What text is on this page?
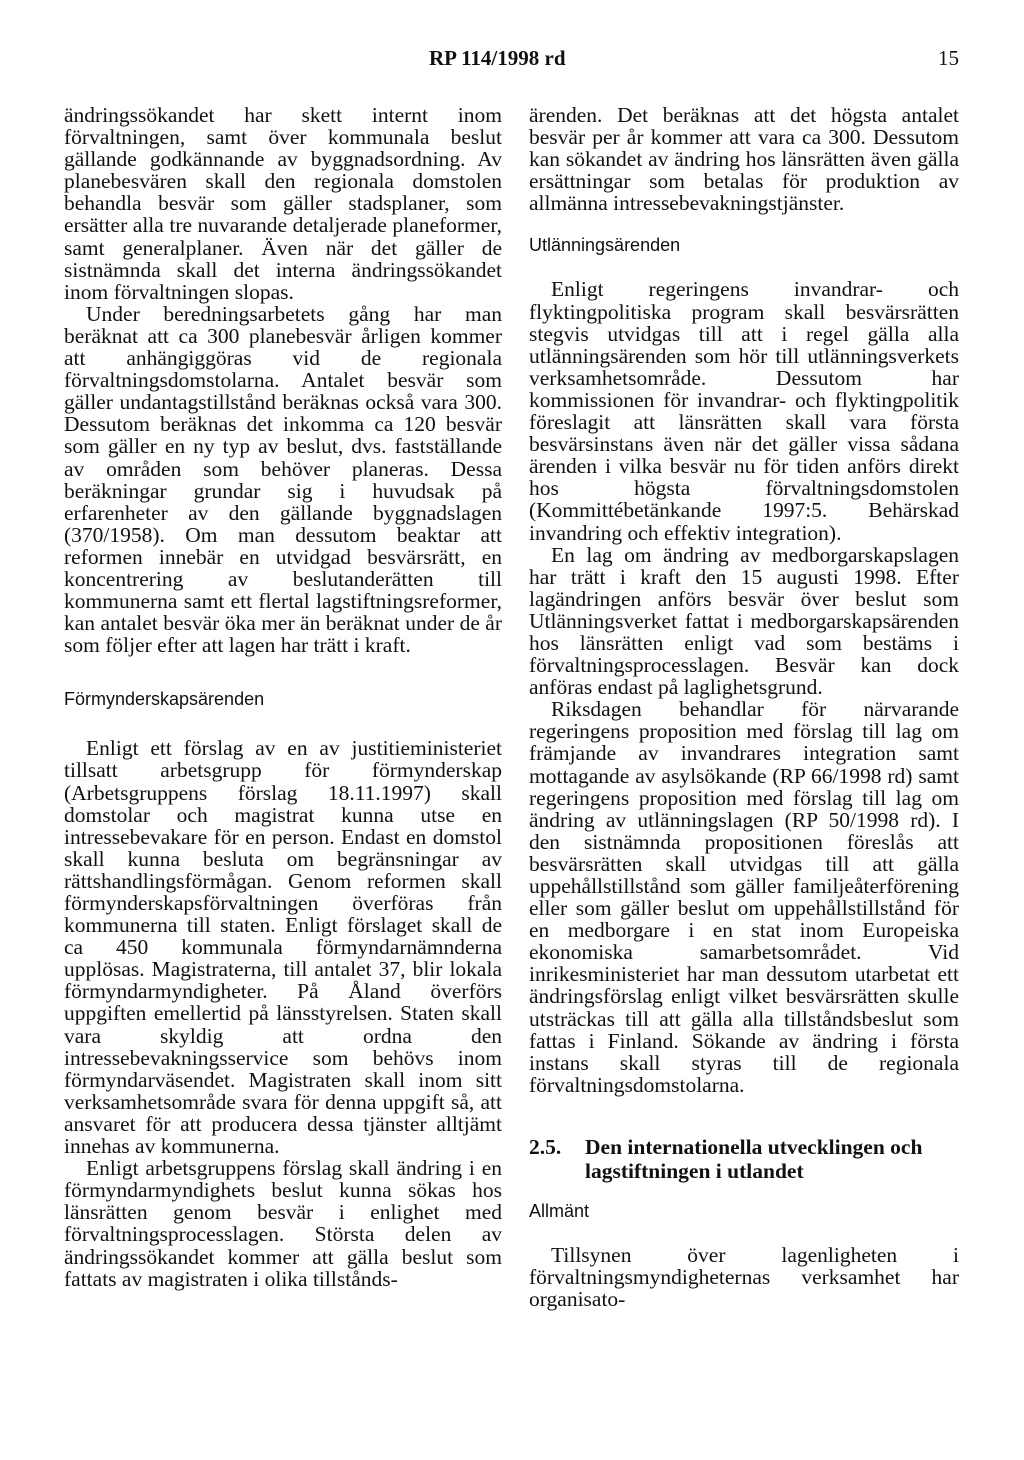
RP 114/1998 rd	15

ändringssökandet har skett internt inom förvaltningen, samt över kommunala beslut gällande godkännande av byggnadsordning. Av planebesvären skall den regionala domstolen behandla besvär som gäller stadsplaner, som ersätter alla tre nuvarande detaljerade planeformer, samt generalplaner. Även när det gäller de sistnämnda skall det interna ändringssökandet inom förvaltningen slopas.

Under beredningsarbetets gång har man beräknat att ca 300 planebesvär årligen kommer att anhängiggöras vid de regionala förvaltningsdomstolarna. Antalet besvär som gäller undantagstillstånd beräknas också vara 300. Dessutom beräknas det inkomma ca 120 besvär som gäller en ny typ av beslut, dvs. fastställande av områden som behöver planeras. Dessa beräkningar grundar sig i huvudsak på erfarenheter av den gällande byggnadslagen (370/1958). Om man dessutom beaktar att reformen innebär en utvidgad besvärsrätt, en koncentrering av beslutanderätten till kommunerna samt ett flertal lagstiftningsreformer, kan antalet besvär öka mer än beräknat under de år som följer efter att lagen har trätt i kraft.

Förmynderskapsärenden

Enligt ett förslag av en av justitieministeriet tillsatt arbetsgrupp för förmynderskap (Arbetsgruppens förslag 18.11.1997) skall domstolar och magistrat kunna utse en intressebevakare för en person. Endast en domstol skall kunna besluta om begränsningar av rättshandlingsförmågan. Genom reformen skall förmynderskapsförvaltningen överföras från kommunerna till staten. Enligt förslaget skall de ca 450 kommunala förmyndarnämnderna upplösas. Magistraterna, till antalet 37, blir lokala förmyndarmyndigheter. På Åland överförs uppgiften emellertid på länsstyrelsen. Staten skall vara skyldig att ordna den intressebevakningsservice som behövs inom förmyndarväsendet. Magistraten skall inom sitt verksamhetsområde svara för denna uppgift så, att ansvaret för att producera dessa tjänster alltjämt innehas av kommunerna.

Enligt arbetsgruppens förslag skall ändring i en förmyndarmyndighets beslut kunna sökas hos länsrätten genom besvär i enlighet med förvaltningsprocesslagen. Största delen av ändringssökandet kommer att gälla beslut som fattats av magistraten i olika tillstånds-

ärenden. Det beräknas att det högsta antalet besvär per år kommer att vara ca 300. Dessutom kan sökandet av ändring hos länsrätten även gälla ersättningar som betalas för produktion av allmänna intressebevakningstjänster.

Utlänningsärenden

Enligt regeringens invandrar- och flyktingpolitiska program skall besvärsrätten stegvis utvidgas till att i regel gälla alla utlänningsärenden som hör till utlänningsverkets verksamhetsområde. Dessutom har kommissionen för invandrar- och flyktingpolitik föreslagit att länsrätten skall vara första besvärsinstans även när det gäller vissa sådana ärenden i vilka besvär nu för tiden anförs direkt hos högsta förvaltningsdomstolen (Kommittébetänkande 1997:5. Behärskad invandring och effektiv integration).

En lag om ändring av medborgarskapslagen har trätt i kraft den 15 augusti 1998. Efter lagändringen anförs besvär över beslut som Utlänningsverket fattat i medborgarskapsärenden hos länsrätten enligt vad som bestäms i förvaltningsprocesslagen. Besvär kan dock anföras endast på laglighetsgrund.

Riksdagen behandlar för närvarande regeringens proposition med förslag till lag om främjande av invandrares integration samt mottagande av asylsökande (RP 66/1998 rd) samt regeringens proposition med förslag till lag om ändring av utlänningslagen (RP 50/1998 rd). I den sistnämnda propositionen föreslås att besvärsrätten skall utvidgas till att gälla uppehållstillstånd som gäller familjeåterförening eller som gäller beslut om uppehållstillstånd för en medborgare i en stat inom Europeiska ekonomiska samarbetsområdet. Vid inrikesministeriet har man dessutom utarbetat ett ändringsförslag enligt vilket besvärsrätten skulle utsträckas till att gälla alla tillståndsbeslut som fattas i Finland. Sökande av ändring i första instans skall styras till de regionala förvaltningsdomstolarna.

2.5.	Den internationella utvecklingen och lagstiftningen i utlandet
Allmänt

Tillsynen över lagenligheten i förvaltningsmyndigheternas verksamhet har organisato-
